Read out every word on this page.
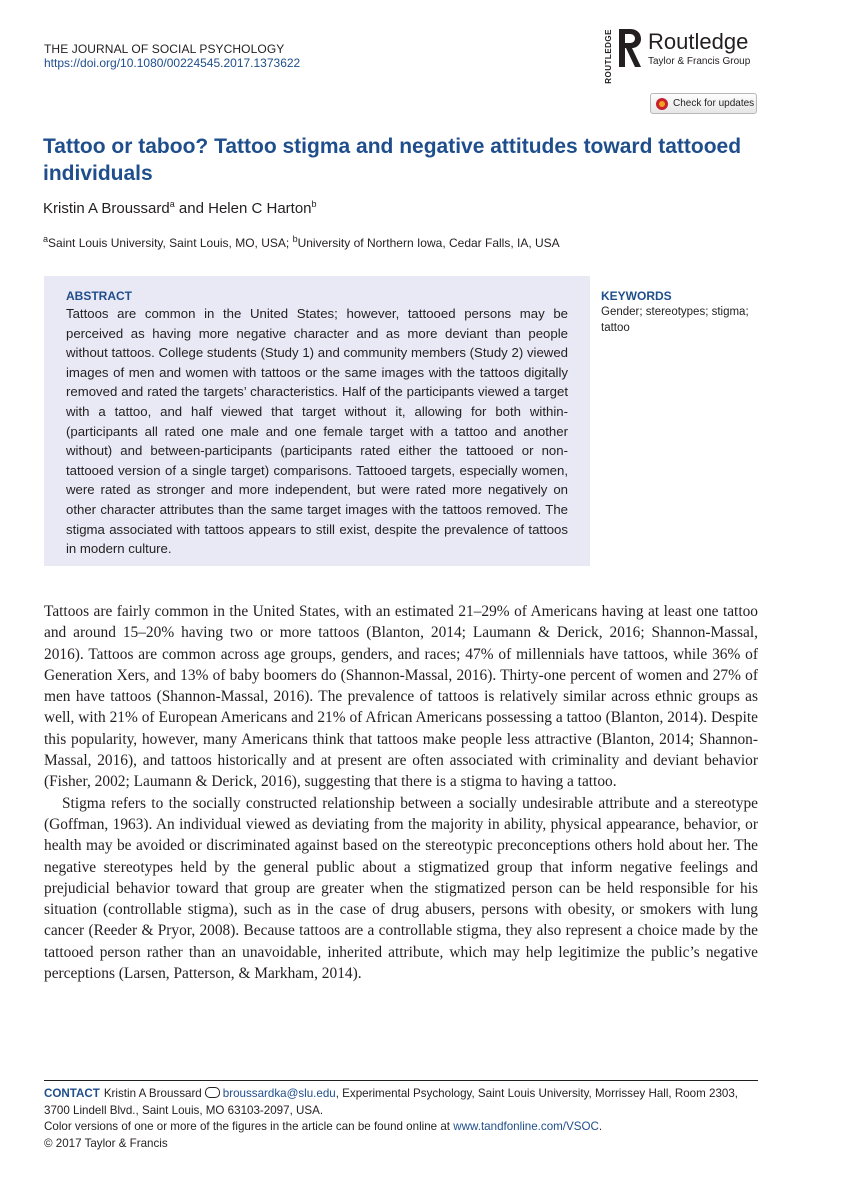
THE JOURNAL OF SOCIAL PSYCHOLOGY
https://doi.org/10.1080/00224545.2017.1373622	ROUTLEDGE Routledge
Taylor & Francis Group
Check for updates
Tattoo or taboo? Tattoo stigma and negative attitudes toward tattooed individuals
Kristin A Broussard$^a$ and Helen C Harton$^b$
$^a$Saint Louis University, Saint Louis, MO, USA; $^b$University of Northern Iowa, Cedar Falls, IA, USA
ABSTRACT
Tattoos are common in the United States; however, tattooed persons may be perceived as having more negative character and as more deviant than people without tattoos. College students (Study 1) and community members (Study 2) viewed images of men and women with tattoos or the same images with the tattoos digitally removed and rated the targets’ characteristics. Half of the participants viewed a target with a tattoo, and half viewed that target without it, allowing for both within- (participants all rated one male and one female target with a tattoo and another without) and between-participants (participants rated either the tattooed or non-tattooed version of a single target) comparisons. Tattooed targets, especially women, were rated as stronger and more independent, but were rated more negatively on other character attributes than the same target images with the tattoos removed. The stigma associated with tattoos appears to still exist, despite the prevalence of tattoos in modern culture.
KEYWORDS
Gender; stereotypes; stigma; tattoo

Tattoos are fairly common in the United States, with an estimated 21–29% of Americans having at least one tattoo and around 15–20% having two or more tattoos (Blanton, 2014; Laumann & Derick, 2016; Shannon-Massal, 2016). Tattoos are common across age groups, genders, and races; 47% of millennials have tattoos, while 36% of Generation Xers, and 13% of baby boomers do (Shannon-Massal, 2016). Thirty-one percent of women and 27% of men have tattoos (Shannon-Massal, 2016). The prevalence of tattoos is relatively similar across ethnic groups as well, with 21% of European Americans and 21% of African Americans possessing a tattoo (Blanton, 2014). Despite this popularity, however, many Americans think that tattoos make people less attractive (Blanton, 2014; Shannon-Massal, 2016), and tattoos historically and at present are often associated with criminality and deviant behavior (Fisher, 2002; Laumann & Derick, 2016), suggesting that there is a stigma to having a tattoo.

Stigma refers to the socially constructed relationship between a socially undesirable attribute and a stereotype (Goffman, 1963). An individual viewed as deviating from the majority in ability, physical appearance, behavior, or health may be avoided or discriminated against based on the stereotypic preconceptions others hold about her. The negative stereotypes held by the general public about a stigmatized group that inform negative feelings and prejudicial behavior toward that group are greater when the stigmatized person can be held responsible for his situation (controllable stigma), such as in the case of drug abusers, persons with obesity, or smokers with lung cancer (Reeder & Pryor, 2008). Because tattoos are a controllable stigma, they also represent a choice made by the tattooed person rather than an unavoidable, inherited attribute, which may help legitimize the public’s negative perceptions (Larsen, Patterson, & Markham, 2014).

CONTACT Kristin A Broussard broussardka@slu.edu, Experimental Psychology, Saint Louis University, Morrissey Hall, Room 2303, 3700 Lindell Blvd., Saint Louis, MO 63103-2097, USA.
Color versions of one or more of the figures in the article can be found online at www.tandfonline.com/VSOC.
© 2017 Taylor & Francis
